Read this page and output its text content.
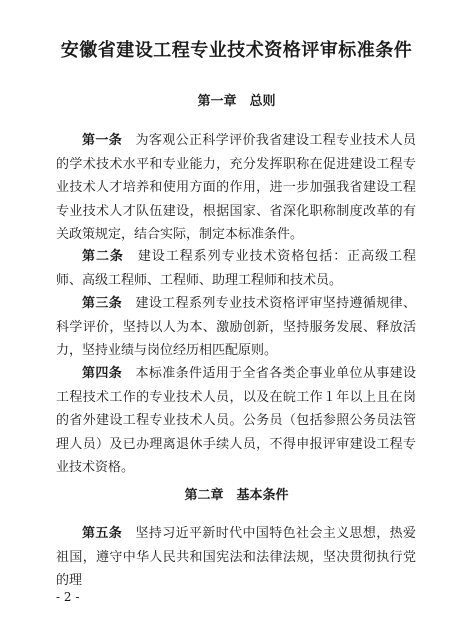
安徽省建设工程专业技术资格评审标准条件
第一章　总则

第一条　 为客观公正科学评价我省建设工程专业技术人员的学术技术水平和专业能力，充分发挥职称在促进建设工程专业技术人才培养和使用方面的作用，进一步加强我省建设工程专业技术人才队伍建设，根据国家、省深化职称制度改革的有关政策规定，结合实际，制定本标准条件。

第二条　 建设工程系列专业技术资格包括：正高级工程师、高级工程师、工程师、助理工程师和技术员。

第三条　 建设工程系列专业技术资格评审坚持遵循规律、科学评价，坚持以人为本、激励创新，坚持服务发展、释放活力，坚持业绩与岗位经历相匹配原则。

第四条　 本标准条件适用于全省各类企事业单位从事建设工程技术工作的专业技术人员，以及在皖工作１年以上且在岗的省外建设工程专业技术人员。公务员（包括参照公务员法管理人员）及已办理离退休手续人员，不得申报评审建设工程专业技术资格。

第二章　基本条件

第五条　 坚持习近平新时代中国特色社会主义思想，热爱祖国，遵守中华人民共和国宪法和法律法规，坚决贯彻执行党的理

- 2 -
